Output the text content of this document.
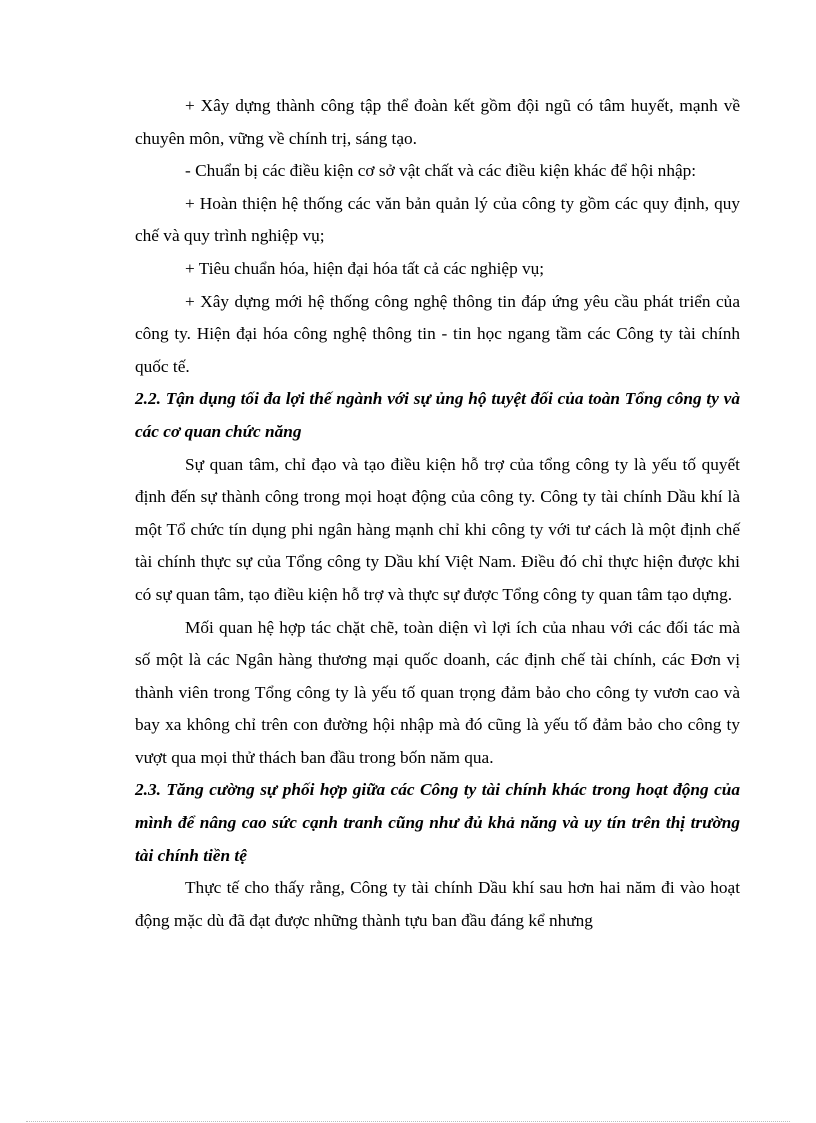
+ Xây dựng thành công tập thể đoàn kết gồm đội ngũ có tâm huyết, mạnh về chuyên môn, vững về chính trị, sáng tạo.

- Chuẩn bị các điều kiện cơ sở vật chất và các điều kiện khác để hội nhập:

+ Hoàn thiện hệ thống các văn bản quản lý của công ty gồm các quy định, quy chế và quy trình nghiệp vụ;

+ Tiêu chuẩn hóa, hiện đại hóa tất cả các nghiệp vụ;

+ Xây dựng mới hệ thống công nghệ thông tin đáp ứng yêu cầu phát triển của công ty. Hiện đại hóa công nghệ thông tin - tin học ngang tầm các Công ty tài chính quốc tế.

2.2. Tận dụng tối đa lợi thế ngành với sự ủng hộ tuyệt đối của toàn Tổng công ty và các cơ quan chức năng

Sự quan tâm, chỉ đạo và tạo điều kiện hỗ trợ của tổng công ty là yếu tố quyết định đến sự thành công trong mọi hoạt động của công ty. Công ty tài chính Dầu khí là một Tổ chức tín dụng phi ngân hàng mạnh chỉ khi công ty với tư cách là một định chế tài chính thực sự của Tổng công ty Dầu khí Việt Nam. Điều đó chỉ thực hiện được khi có sự quan tâm, tạo điều kiện hỗ trợ và thực sự được Tổng công ty quan tâm tạo dựng.

Mối quan hệ hợp tác chặt chẽ, toàn diện vì lợi ích của nhau với các đối tác mà số một là các Ngân hàng thương mại quốc doanh, các định chế tài chính, các Đơn vị thành viên trong Tổng công ty là yếu tố quan trọng đảm bảo cho công ty vươn cao và bay xa không chỉ trên con đường hội nhập mà đó cũng là yếu tố đảm bảo cho công ty vượt qua mọi thử thách ban đầu trong bốn năm qua.

2.3. Tăng cường sự phối hợp giữa các Công ty tài chính khác trong hoạt động của mình để nâng cao sức cạnh tranh cũng như đủ khả năng và uy tín trên thị trường tài chính tiền tệ

Thực tế cho thấy rằng, Công ty tài chính Dầu khí sau hơn hai năm đi vào hoạt động mặc dù đã đạt được những thành tựu ban đầu đáng kể nhưng
